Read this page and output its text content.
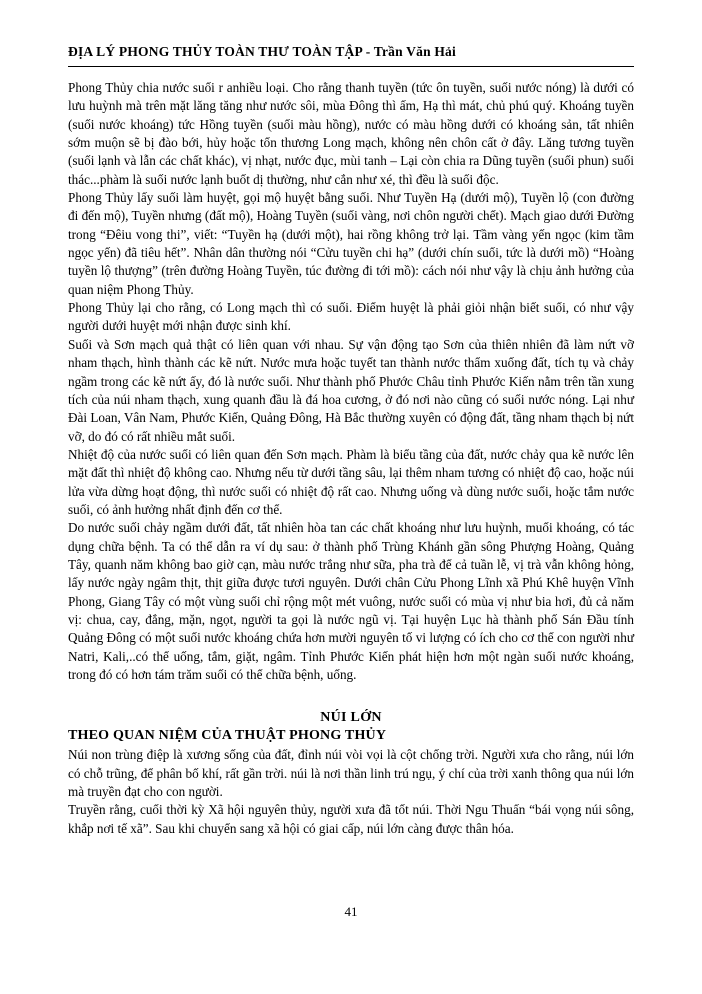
ĐỊA LÝ PHONG THỦY TOÀN THƯ TOÀN TẬP - Trần Văn Hải

Phong Thủy chia nước suối r anhiều loại. Cho rằng thanh tuyền (tức ôn tuyền, suối nước nóng) là dưới có lưu huỳnh mà trên mặt lăng tăng như nước sôi, mùa Đông thì ấm, Hạ thì mát, chủ phú quý. Khoáng tuyền (suối nước khoáng) tức Hồng tuyền (suối màu hồng), nước có màu hồng dưới có khoáng sản, tất nhiên sớm muộn sẽ bị đào bới, hủy hoặc tổn thương Long mạch, không nên chôn cất ở đây. Lăng tương tuyền (suối lạnh và lẫn các chất khác), vị nhạt, nước đục, mùi tanh – Lại còn chia ra Dũng tuyền (suối phun) suối thác...phàm là suối nước lạnh buốt dị thường, như cắn như xé, thì đều là suối độc.

Phong Thủy lấy suối làm huyệt, gọi mộ huyệt bằng suối. Như Tuyền Hạ (dưới mộ), Tuyền lộ (con đường đi đến mộ), Tuyền nhưng (đất mộ), Hoàng Tuyền (suối vàng, nơi chôn người chết). Mạch giao dưới Đường trong “Đêiu vong thi”, viết: “Tuyền hạ (dưới một), hai rồng không trở lại. Tầm vàng yến ngọc (kim tầm ngọc yến) đã tiêu hết”. Nhân dân thường nói “Cửu tuyền chi hạ” (dưới chín suối, tức là dưới mồ) “Hoàng tuyền lộ thượng” (trên đường Hoàng Tuyền, túc đường đi tới mồ): cách nói như vậy là chịu ảnh hưởng của quan niệm Phong Thủy.

Phong Thủy lại cho rằng, có Long mạch thì có suối. Điểm huyệt là phải giỏi nhận biết suối, có như vậy người dưới huyệt mới nhận được sinh khí.

Suối và Sơn mạch quả thật có liên quan với nhau. Sự vận động tạo Sơn của thiên nhiên đã làm nứt vỡ nham thạch, hình thành các kẽ nứt. Nước mưa hoặc tuyết tan thành nước thẩm xuống đất, tích tụ và chảy ngầm trong các kẽ nứt ấy, đó là nước suối. Như thành phố Phước Châu tỉnh Phước Kiến nằm trên tần xung tích của núi nham thạch, xung quanh đầu là đá hoa cương, ở đó nơi nào cũng có suối nước nóng. Lại như Đài Loan, Vân Nam, Phước Kiến, Quảng Đông, Hà Bắc thường xuyên có động đất, tầng nham thạch bị nứt vỡ, do đó có rất nhiều mắt suối.

Nhiệt độ của nước suối có liên quan đến Sơn mạch. Phàm là biểu tầng của đất, nước chảy qua kẽ nước lên mặt đất thì nhiệt độ không cao. Nhưng nếu từ dưới tầng sâu, lại thêm nham tương có nhiệt độ cao, hoặc núi lửa vừa dừng hoạt động, thì nước suối có nhiệt độ rất cao. Nhưng uống và dùng nước suối, hoặc tắm nước suối, có ảnh hưởng nhất định đến cơ thể.

Do nước suối chảy ngầm dưới đất, tất nhiên hòa tan các chất khoáng như lưu huỳnh, muối khoáng, có tác dụng chữa bệnh. Ta có thể dẫn ra ví dụ sau: ở thành phố Trùng Khánh gần sông Phượng Hoàng, Quảng Tây, quanh năm không bao giờ cạn, màu nước trắng như sữa, pha trà để cả tuần lễ, vị trà vẫn không hỏng, lấy nước ngày ngâm thịt, thịt giữa được tươi nguyên. Dưới chân Cửu Phong Lĩnh xã Phú Khê huyện Vĩnh Phong, Giang Tây có một vùng suối chỉ rộng một mét vuông, nước suối có mùa vị như bia hơi, đủ cả năm vị: chua, cay, đắng, mặn, ngọt, người ta gọi là nước ngũ vị. Tại huyện Lục hà thành phố Sán Đầu tính Quảng Đông có một suối nước khoáng chứa hơn mười nguyên tố vi lượng có ích cho cơ thể con người như Natri, Kali,..có thể uống, tắm, giặt, ngâm. Tỉnh Phước Kiến phát hiện hơn một ngàn suối nước khoáng, trong đó có hơn tám trăm suối có thể chữa bệnh, uống.

NÚI LỚN
THEO QUAN NIỆM CỦA THUẬT PHONG THỦY

Núi non trùng điệp là xương sống của đất, đỉnh núi vòi vọi là cột chống trời. Người xưa cho rằng, núi lớn có chỗ trũng, để phân bố khí, rất gần trời. núi là nơi thần linh trú ngụ, ý chí của trời xanh thông qua núi lớn mà truyền đạt cho con người.

Truyền rằng, cuối thời kỳ Xã hội nguyên thủy, người xưa đã tốt núi. Thời Ngu Thuấn “bái vọng núi sông, khắp nơi tế xã”. Sau khi chuyển sang xã hội có giai cấp, núi lớn càng được thân hóa.

41
